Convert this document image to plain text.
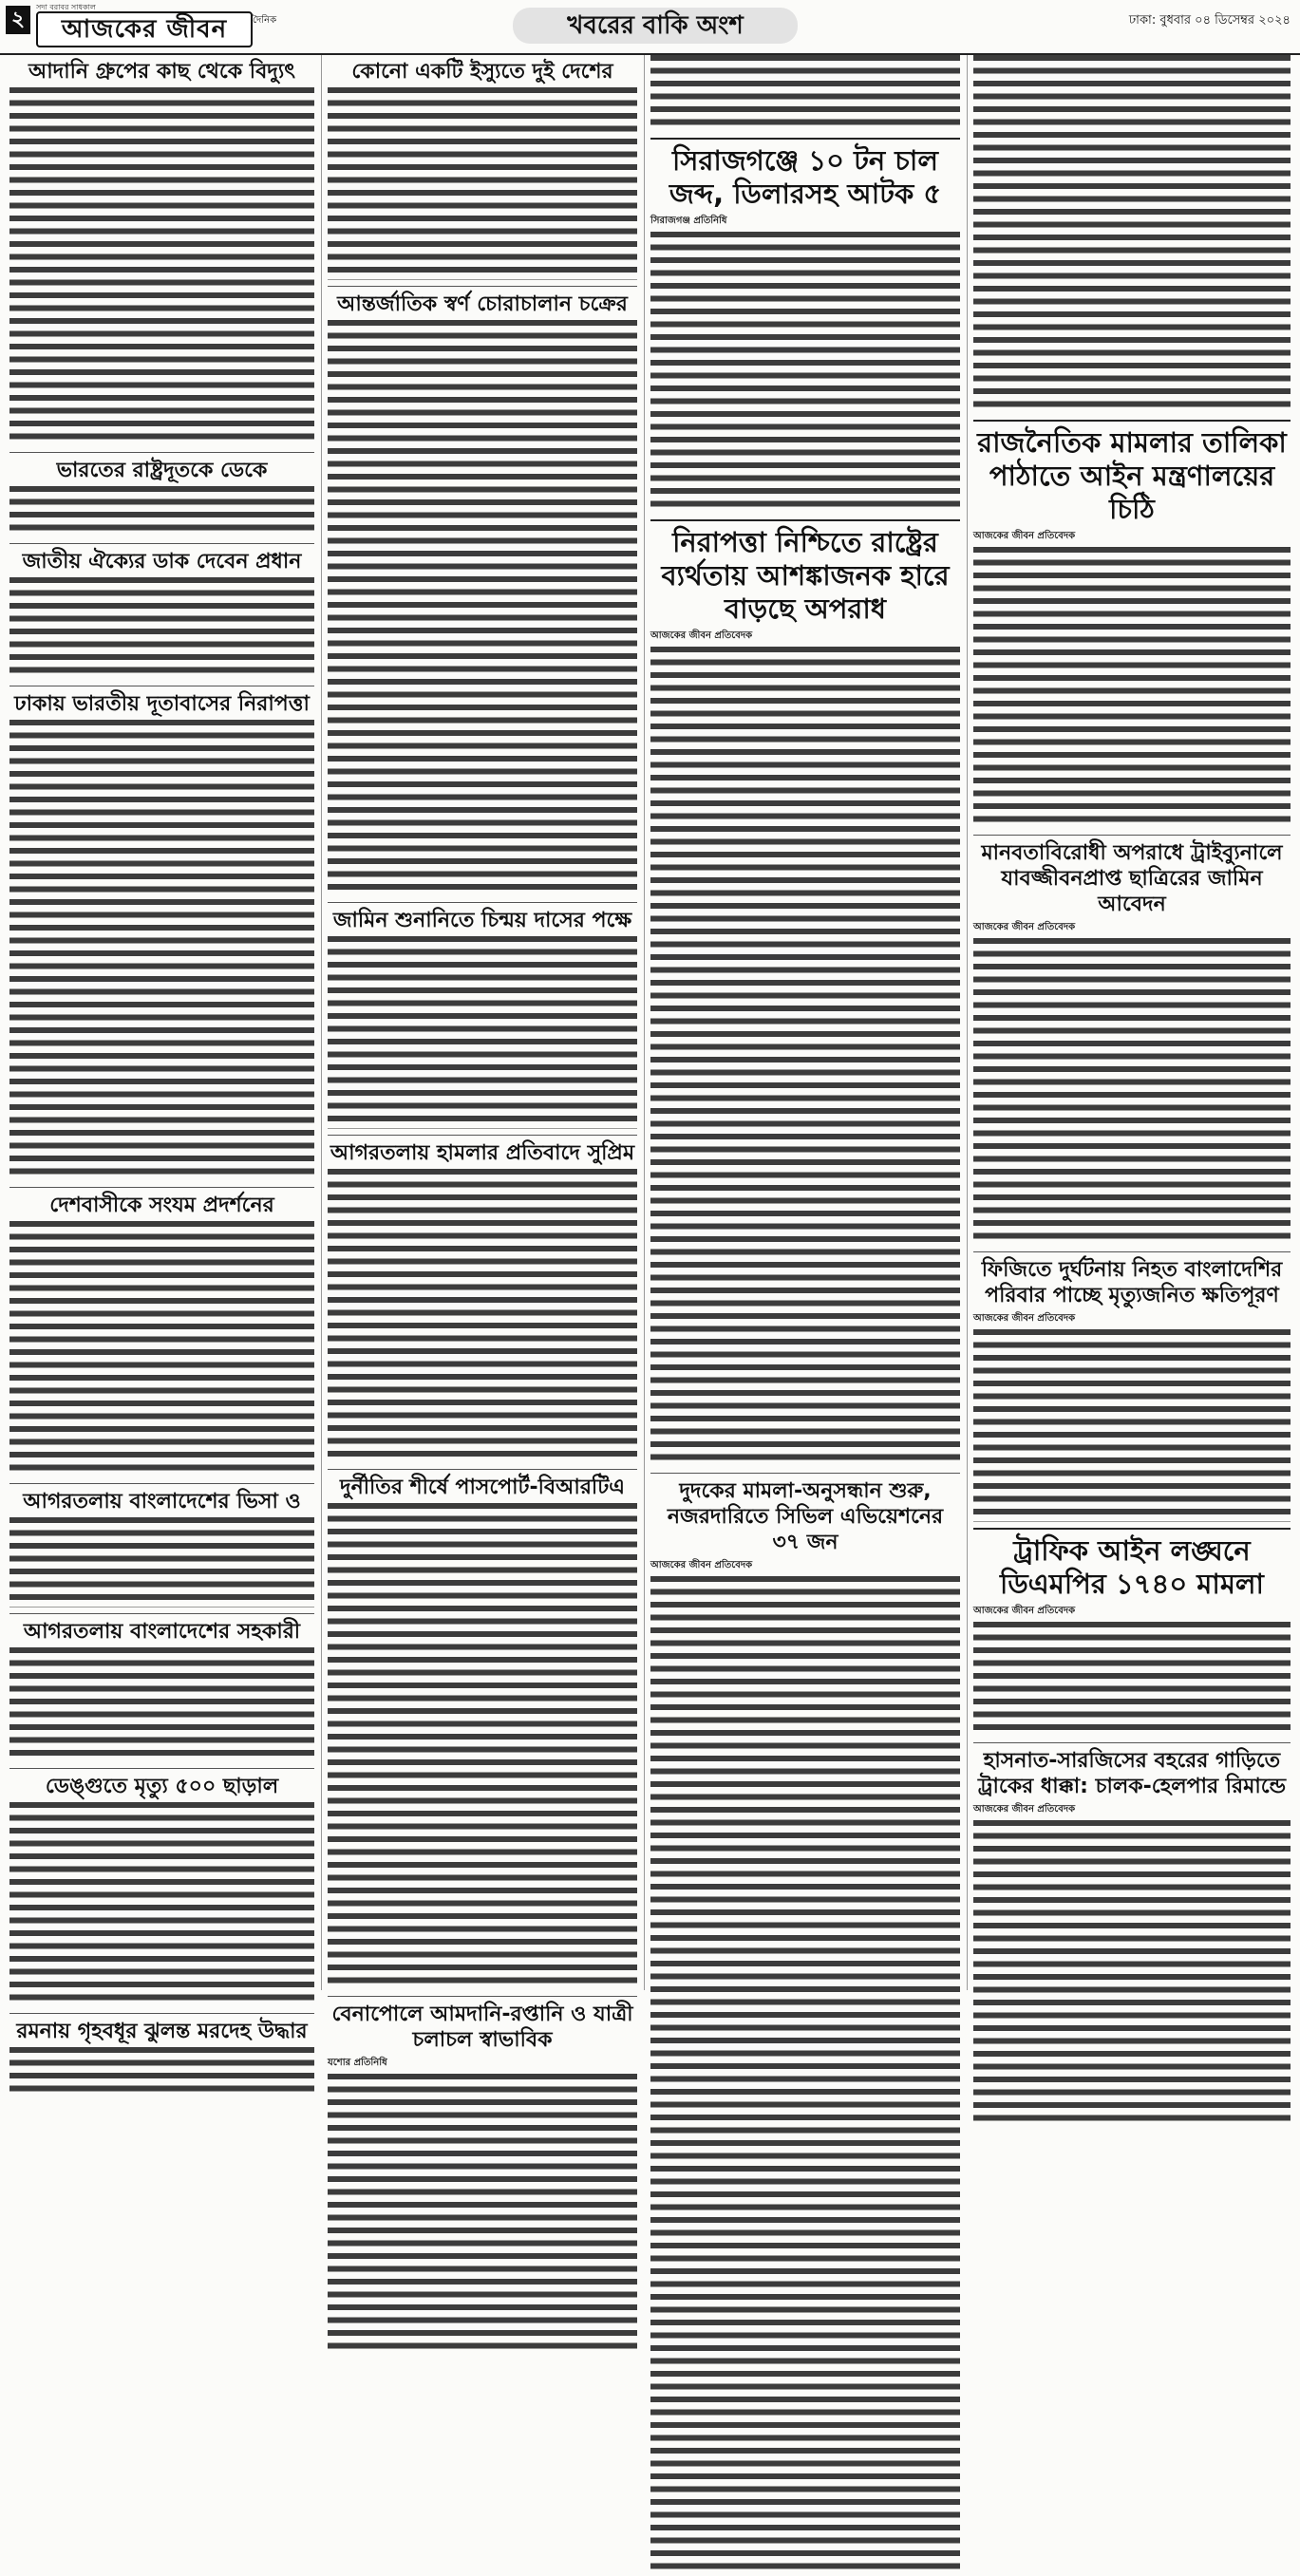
২
সদা বরাবর সাধকাল
আজকের জীবন	দৈনিক	খবরের বাকি অংশ	ঢাকা: বুধবার ০৪ ডিসেম্বর ২০২৪
আদানি গ্রুপের কাছ থেকে বিদ্যুৎ
ভারতের রাষ্ট্রদূতকে ডেকে
জাতীয় ঐক্যের ডাক দেবেন প্রধান
ঢাকায় ভারতীয় দূতাবাসের নিরাপত্তা
দেশবাসীকে সংযম প্রদর্শনের
আগরতলায় বাংলাদেশের ভিসা ও
আগরতলায় বাংলাদেশের সহকারী
ডেঙ্গুতে মৃত্যু ৫০০ ছাড়াল
রমনায় গৃহবধূর ঝুলন্ত মরদেহ উদ্ধার
কোনো একটি ইস্যুতে দুই দেশের
আন্তর্জাতিক স্বর্ণ চোরাচালান চক্রের
জামিন শুনানিতে চিন্ময় দাসের পক্ষে
আগরতলায় হামলার প্রতিবাদে সুপ্রিম
দুর্নীতির শীর্ষে পাসপোর্ট-বিআরটিএ
বেনাপোলে আমদানি-রপ্তানি ও যাত্রী চলাচল স্বাভাবিক
যশোর প্রতিনিধি
সিরাজগঞ্জে ১০ টন চাল জব্দ, ডিলারসহ আটক ৫
সিরাজগঞ্জ প্রতিনিধি
নিরাপত্তা নিশ্চিতে রাষ্ট্রের ব্যর্থতায় আশঙ্কাজনক হারে বাড়ছে অপরাধ
আজকের জীবন প্রতিবেদক
দুদকের মামলা-অনুসন্ধান শুরু, নজরদারিতে সিভিল এভিয়েশনের ৩৭ জন
আজকের জীবন প্রতিবেদক
রাজনৈতিক মামলার তালিকা পাঠাতে আইন মন্ত্রণালয়ের চিঠি
আজকের জীবন প্রতিবেদক
মানবতাবিরোধী অপরাধে ট্রাইব্যুনালে যাবজ্জীবনপ্রাপ্ত ছাত্রিরের জামিন আবেদন
আজকের জীবন প্রতিবেদক
ফিজিতে দুর্ঘটনায় নিহত বাংলাদেশির পরিবার পাচ্ছে মৃত্যুজনিত ক্ষতিপূরণ
আজকের জীবন প্রতিবেদক
ট্রাফিক আইন লঙ্ঘনে ডিএমপির ১৭৪০ মামলা
আজকের জীবন প্রতিবেদক
হাসনাত-সারজিসের বহরের গাড়িতে ট্রাকের ধাক্কা: চালক-হেলপার রিমান্ডে
আজকের জীবন প্রতিবেদক
